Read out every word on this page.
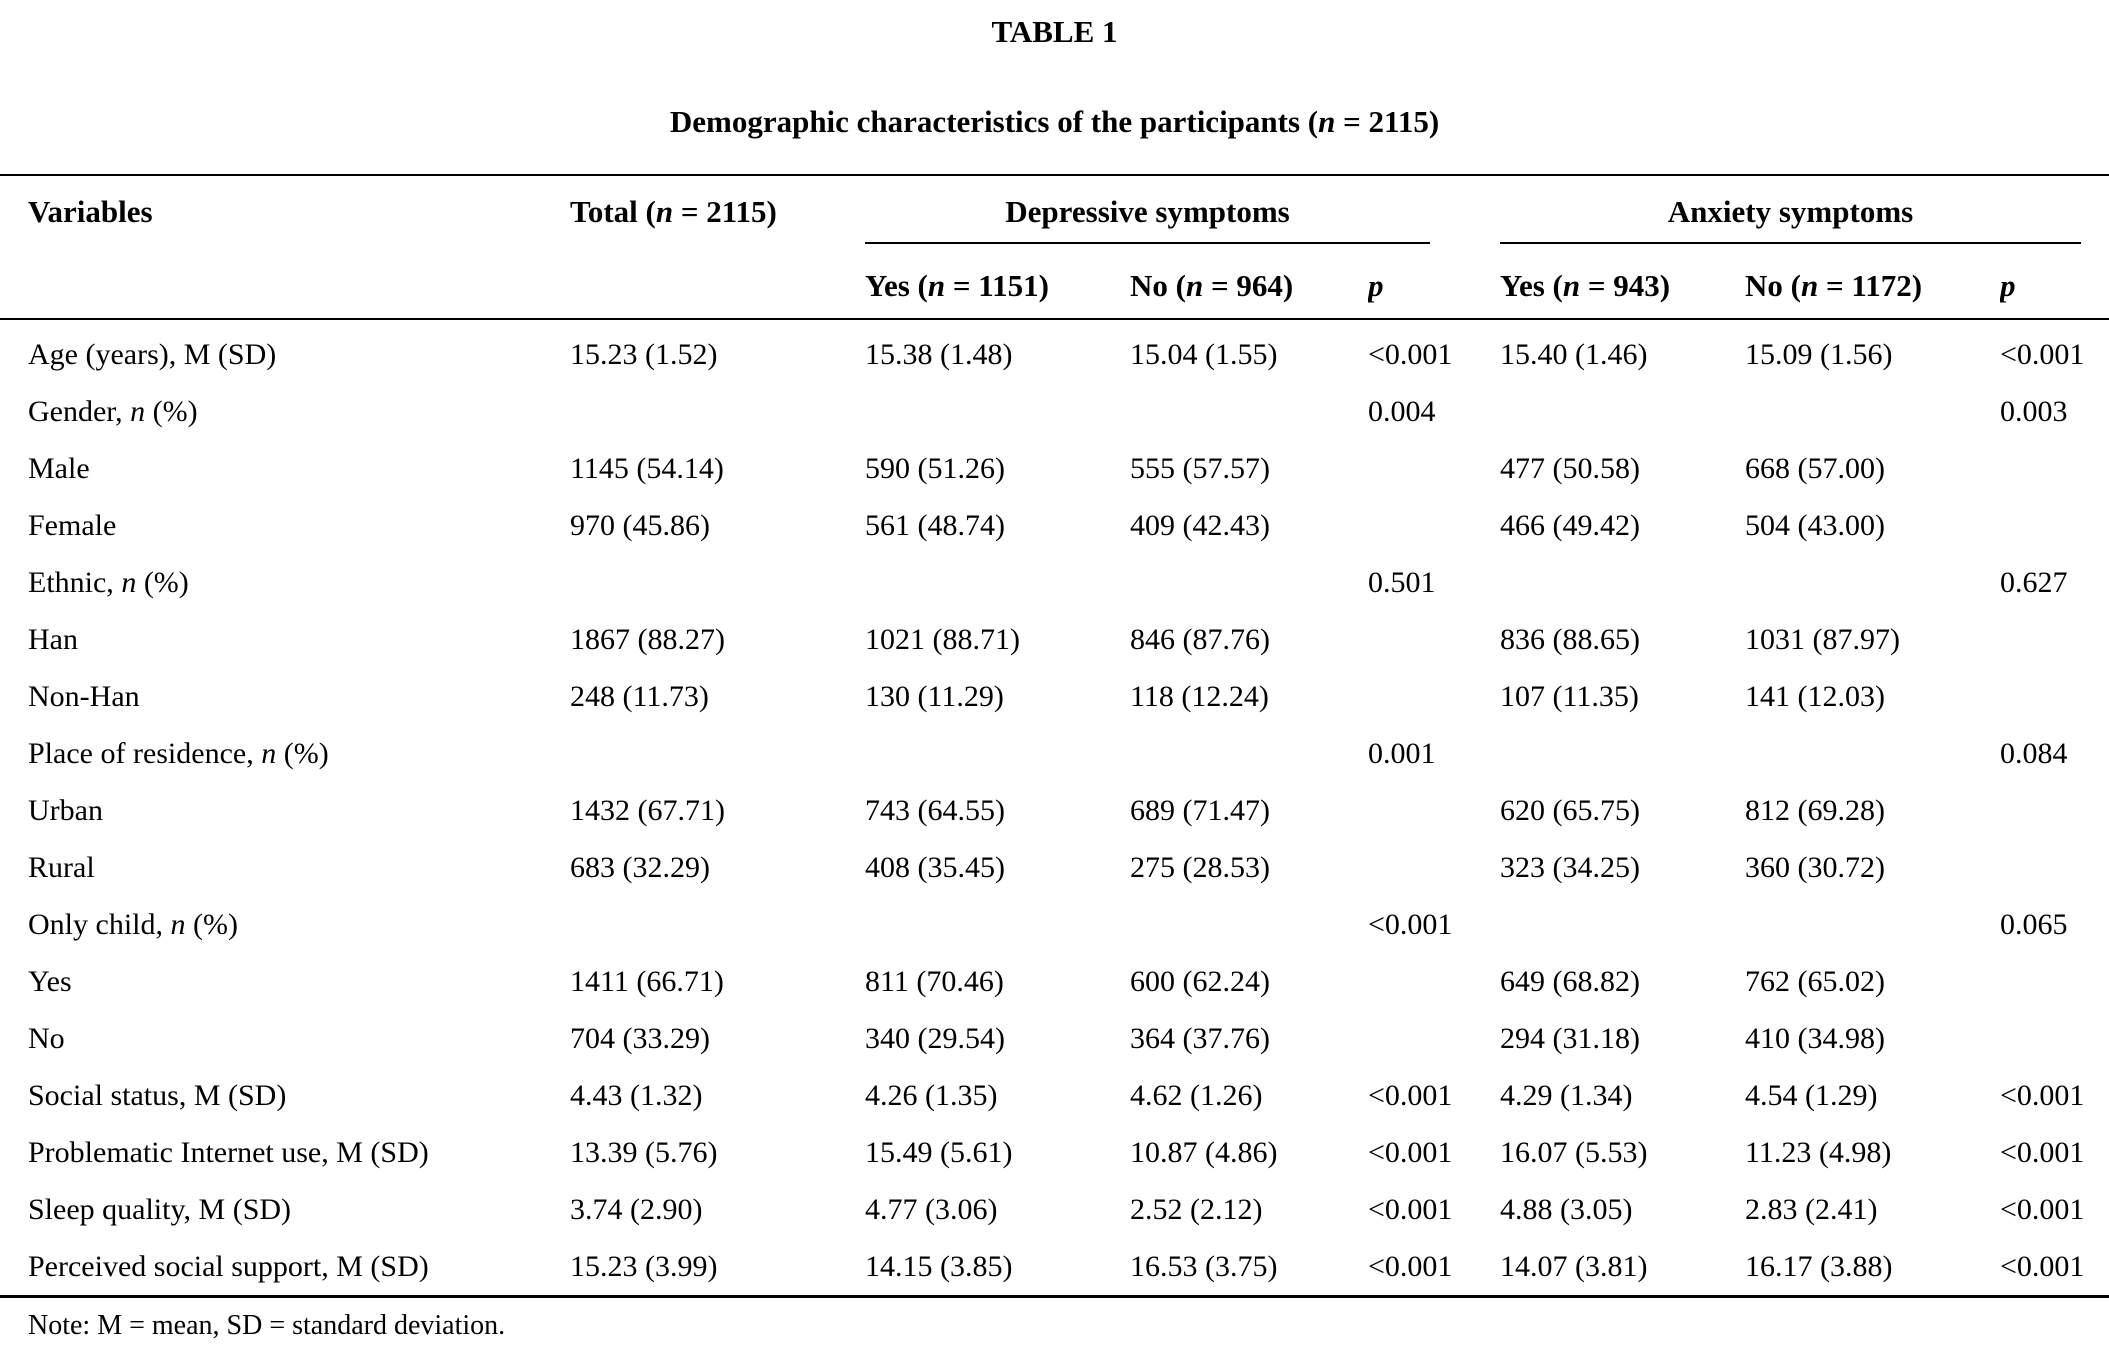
TABLE 1
Demographic characteristics of the participants (n = 2115)
Variables	Total (n = 2115)	Depressive symptoms			Anxiety symptoms		

		Yes (n = 1151)	No (n = 964)	p	Yes (n = 943)	No (n = 1172)	p
Age (years), M (SD)	15.23 (1.52)	15.38 (1.48)	15.04 (1.55)	<0.001	15.40 (1.46)	15.09 (1.56)	<0.001
Gender, n (%)				0.004			0.003
Male	1145 (54.14)	590 (51.26)	555 (57.57)		477 (50.58)	668 (57.00)	
Female	970 (45.86)	561 (48.74)	409 (42.43)		466 (49.42)	504 (43.00)	
Ethnic, n (%)				0.501			0.627
Han	1867 (88.27)	1021 (88.71)	846 (87.76)		836 (88.65)	1031 (87.97)	
Non-Han	248 (11.73)	130 (11.29)	118 (12.24)		107 (11.35)	141 (12.03)	
Place of residence, n (%)				0.001			0.084
Urban	1432 (67.71)	743 (64.55)	689 (71.47)		620 (65.75)	812 (69.28)	
Rural	683 (32.29)	408 (35.45)	275 (28.53)		323 (34.25)	360 (30.72)	
Only child, n (%)				<0.001			0.065
Yes	1411 (66.71)	811 (70.46)	600 (62.24)		649 (68.82)	762 (65.02)	
No	704 (33.29)	340 (29.54)	364 (37.76)		294 (31.18)	410 (34.98)	
Social status, M (SD)	4.43 (1.32)	4.26 (1.35)	4.62 (1.26)	<0.001	4.29 (1.34)	4.54 (1.29)	<0.001
Problematic Internet use, M (SD)	13.39 (5.76)	15.49 (5.61)	10.87 (4.86)	<0.001	16.07 (5.53)	11.23 (4.98)	<0.001
Sleep quality, M (SD)	3.74 (2.90)	4.77 (3.06)	2.52 (2.12)	<0.001	4.88 (3.05)	2.83 (2.41)	<0.001
Perceived social support, M (SD)	15.23 (3.99)	14.15 (3.85)	16.53 (3.75)	<0.001	14.07 (3.81)	16.17 (3.88)	<0.001
Note: M = mean, SD = standard deviation.
